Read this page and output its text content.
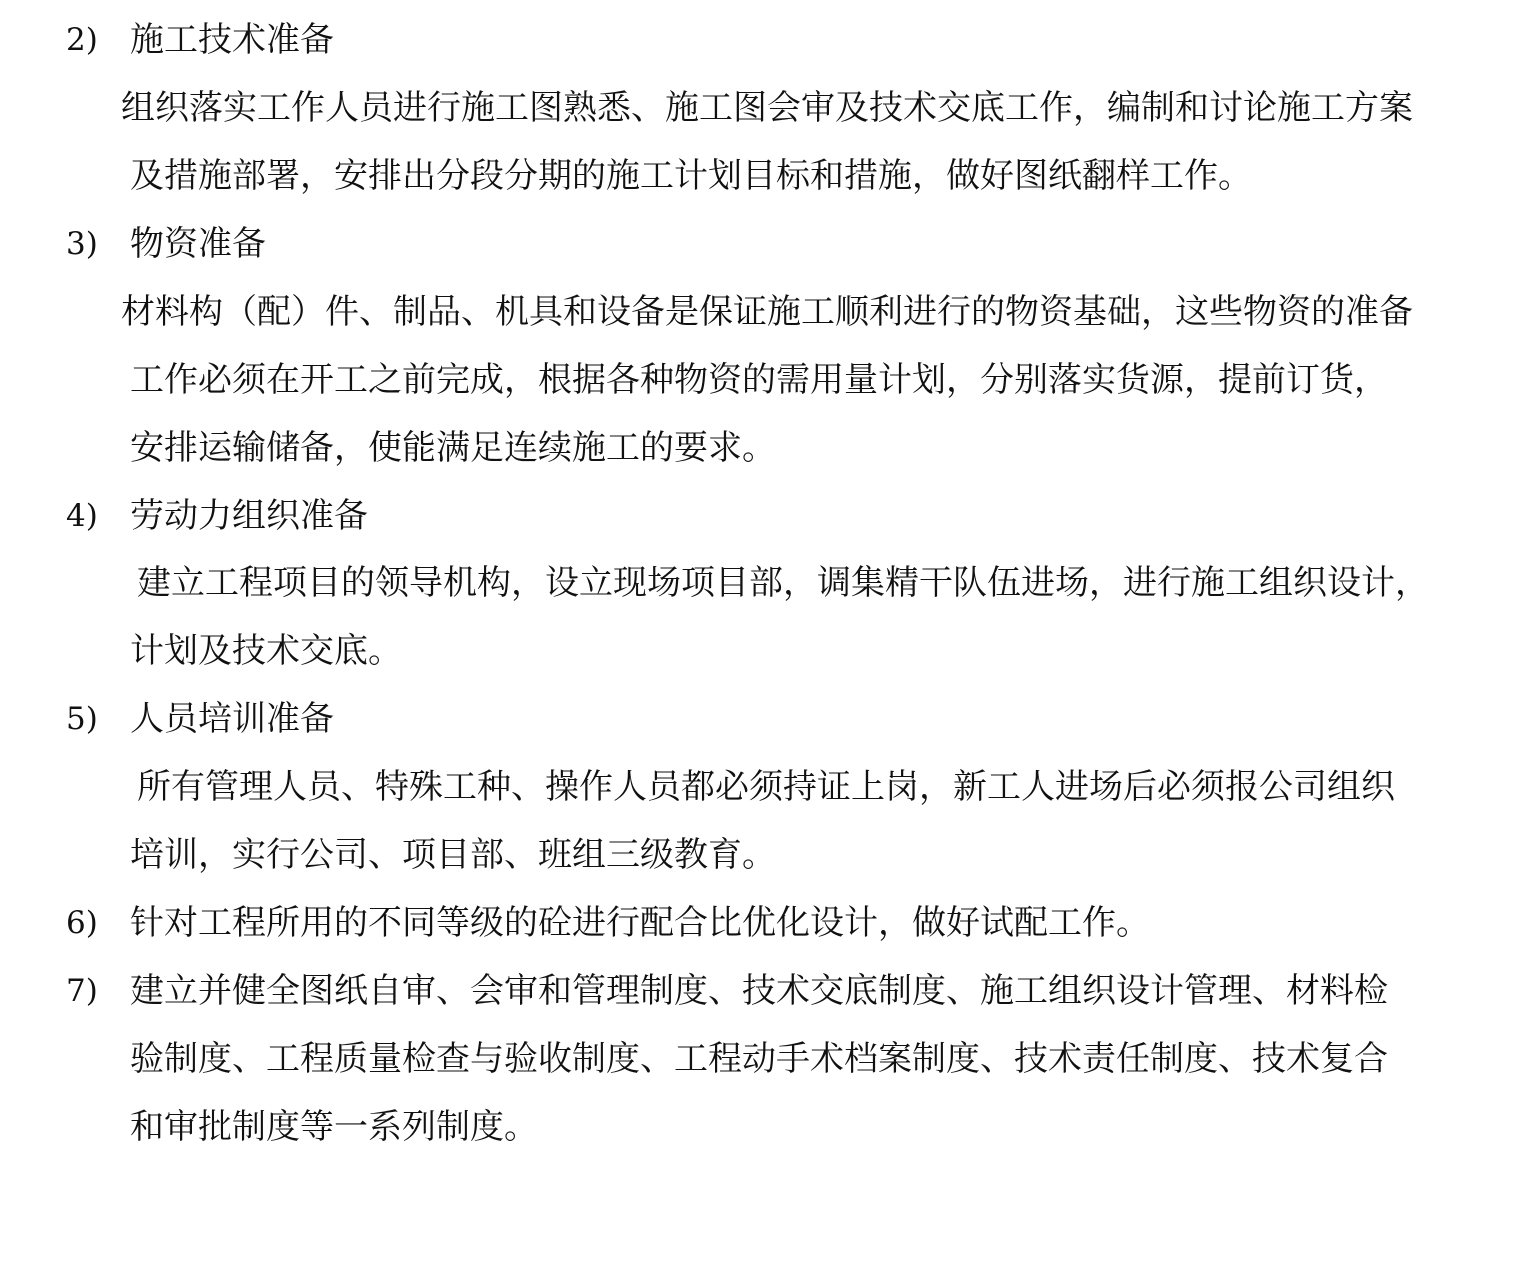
2) 施工技术准备
组织落实工作人员进行施工图熟悉、施工图会审及技术交底工作，编制和讨论施工方案
及措施部署，安排出分段分期的施工计划目标和措施，做好图纸翻样工作。
3) 物资准备
材料构（配）件、制品、机具和设备是保证施工顺利进行的物资基础，这些物资的准备
工作必须在开工之前完成，根据各种物资的需用量计划，分别落实货源，提前订货，
安排运输储备，使能满足连续施工的要求。
4) 劳动力组织准备
建立工程项目的领导机构，设立现场项目部，调集精干队伍进场，进行施工组织设计，
计划及技术交底。
5) 人员培训准备
所有管理人员、特殊工种、操作人员都必须持证上岗，新工人进场后必须报公司组织
培训，实行公司、项目部、班组三级教育。
6) 针对工程所用的不同等级的砼进行配合比优化设计，做好试配工作。
7) 建立并健全图纸自审、会审和管理制度、技术交底制度、施工组织设计管理、材料检
验制度、工程质量检查与验收制度、工程动手术档案制度、技术责任制度、技术复合
和审批制度等一系列制度。
